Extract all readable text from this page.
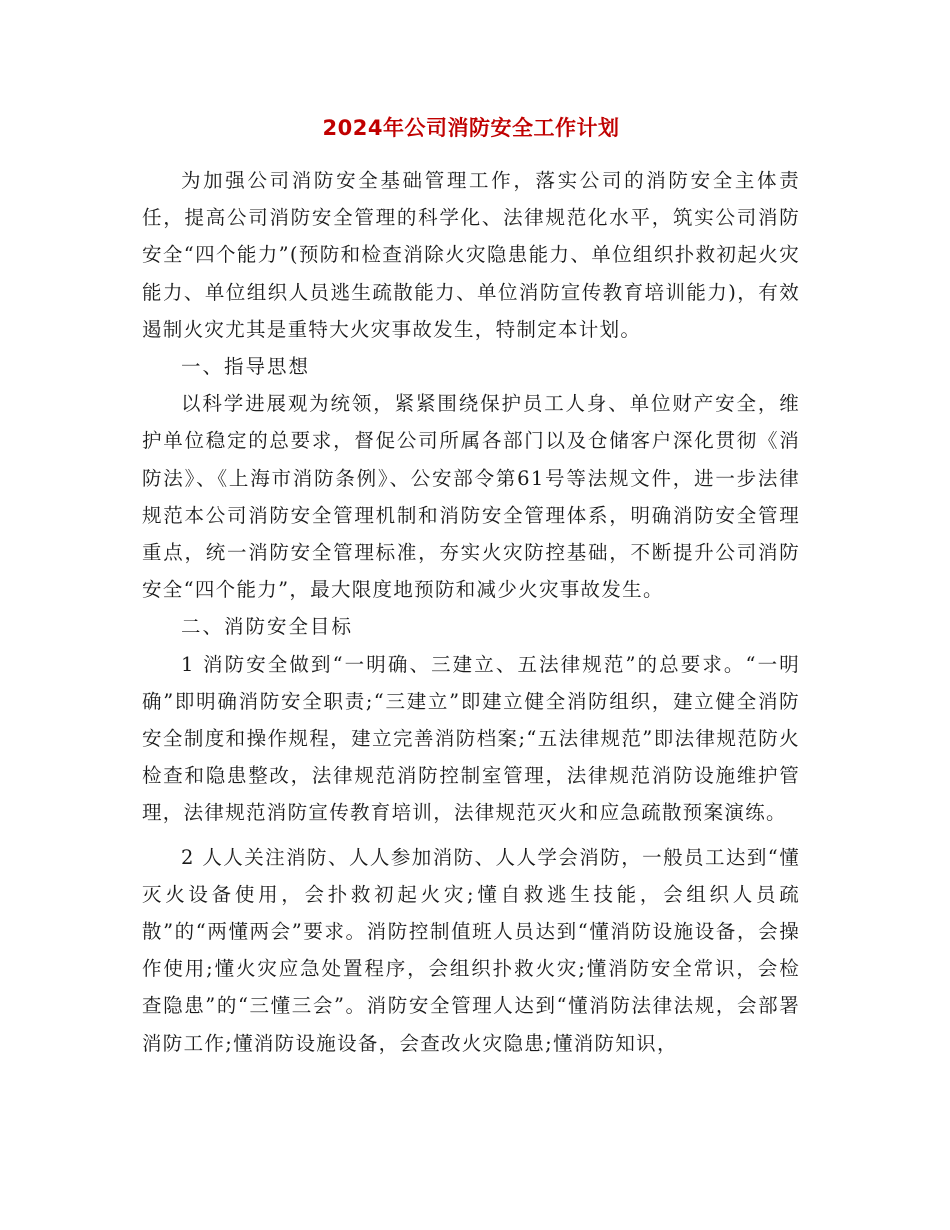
2024年公司消防安全工作计划

为加强公司消防安全基础管理工作，落实公司的消防安全主体责任，提高公司消防安全管理的科学化、法律规范化水平，筑实公司消防安全“四个能力”(预防和检查消除火灾隐患能力、单位组织扑救初起火灾能力、单位组织人员逃生疏散能力、单位消防宣传教育培训能力)，有效遏制火灾尤其是重特大火灾事故发生，特制定本计划。

一、指导思想

以科学进展观为统领，紧紧围绕保护员工人身、单位财产安全，维护单位稳定的总要求，督促公司所属各部门以及仓储客户深化贯彻《消防法》、《上海市消防条例》、公安部令第61号等法规文件，进一步法律规范本公司消防安全管理机制和消防安全管理体系，明确消防安全管理重点，统一消防安全管理标准，夯实火灾防控基础，不断提升公司消防安全“四个能力”，最大限度地预防和减少火灾事故发生。

二、消防安全目标

1 消防安全做到“一明确、三建立、五法律规范”的总要求。“一明确”即明确消防安全职责;“三建立”即建立健全消防组织，建立健全消防安全制度和操作规程，建立完善消防档案;“五法律规范”即法律规范防火检查和隐患整改，法律规范消防控制室管理，法律规范消防设施维护管理，法律规范消防宣传教育培训，法律规范灭火和应急疏散预案演练。

2 人人关注消防、人人参加消防、人人学会消防，一般员工达到“懂灭火设备使用，会扑救初起火灾;懂自救逃生技能，会组织人员疏散”的“两懂两会”要求。消防控制值班人员达到“懂消防设施设备，会操作使用;懂火灾应急处置程序，会组织扑救火灾;懂消防安全常识，会检查隐患”的“三懂三会”。消防安全管理人达到“懂消防法律法规，会部署消防工作;懂消防设施设备，会查改火灾隐患;懂消防知识，
